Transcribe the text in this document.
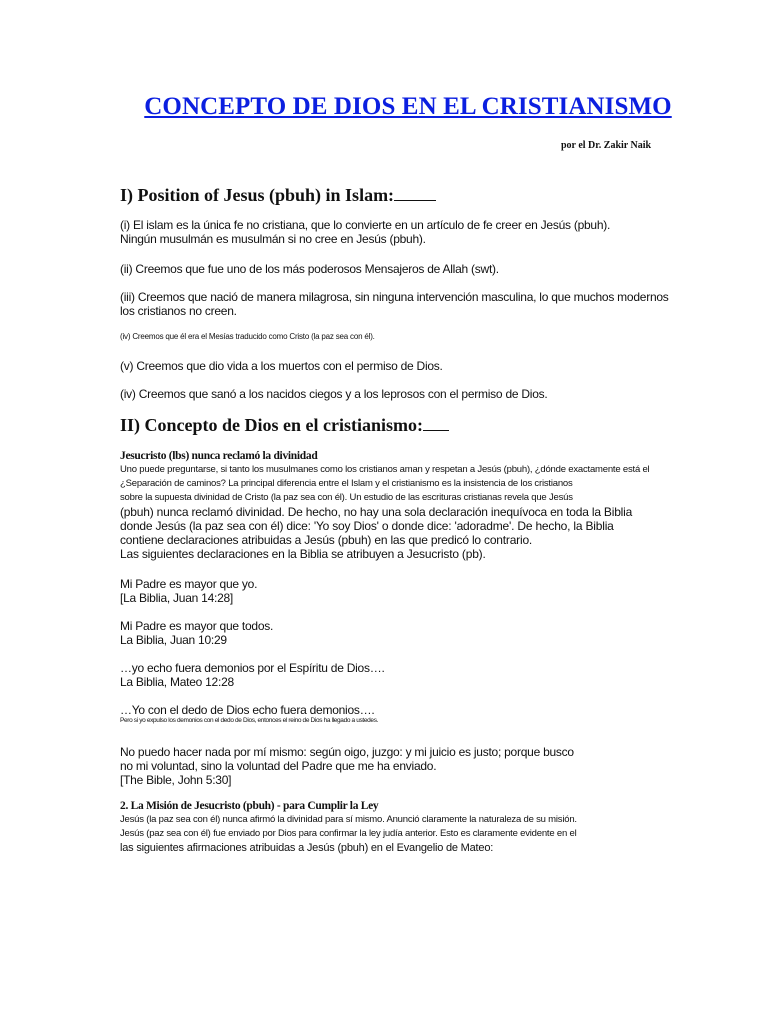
CONCEPTO DE DIOS EN EL CRISTIANISMO
por el Dr. Zakir Naik
I) Position of Jesus (pbuh) in Islam:
(i) El islam es la única fe no cristiana, que lo convierte en un artículo de fe creer en Jesús (pbuh).
Ningún musulmán es musulmán si no cree en Jesús (pbuh).
(ii) Creemos que fue uno de los más poderosos Mensajeros de Allah (swt).
(iii) Creemos que nació de manera milagrosa, sin ninguna intervención masculina, lo que muchos modernos
los cristianos no creen.
(iv) Creemos que él era el Mesías traducido como Cristo (la paz sea con él).
(v) Creemos que dio vida a los muertos con el permiso de Dios.
(iv) Creemos que sanó a los nacidos ciegos y a los leprosos con el permiso de Dios.
II) Concepto de Dios en el cristianismo:
Jesucristo (lbs) nunca reclamó la divinidad
Uno puede preguntarse, si tanto los musulmanes como los cristianos aman y respetan a Jesús (pbuh), ¿dónde exactamente está el
¿Separación de caminos? La principal diferencia entre el Islam y el cristianismo es la insistencia de los cristianos
sobre la supuesta divinidad de Cristo (la paz sea con él). Un estudio de las escrituras cristianas revela que Jesús
(pbuh) nunca reclamó divinidad. De hecho, no hay una sola declaración inequívoca en toda la Biblia
donde Jesús (la paz sea con él) dice: 'Yo soy Dios' o donde dice: 'adoradme'. De hecho, la Biblia
contiene declaraciones atribuidas a Jesús (pbuh) en las que predicó lo contrario.
Las siguientes declaraciones en la Biblia se atribuyen a Jesucristo (pb).
Mi Padre es mayor que yo.
[La Biblia, Juan 14:28]
Mi Padre es mayor que todos.
La Biblia, Juan 10:29
…yo echo fuera demonios por el Espíritu de Dios….
La Biblia, Mateo 12:28
…Yo con el dedo de Dios echo fuera demonios….
Pero si yo expulso los demonios con el dedo de Dios, entonces el reino de Dios ha llegado a ustedes.
No puedo hacer nada por mí mismo: según oigo, juzgo: y mi juicio es justo; porque busco
no mi voluntad, sino la voluntad del Padre que me ha enviado.
[The Bible, John 5:30]
2. La Misión de Jesucristo (pbuh) - para Cumplir la Ley
Jesús (la paz sea con él) nunca afirmó la divinidad para sí mismo. Anunció claramente la naturaleza de su misión.
Jesús (paz sea con él) fue enviado por Dios para confirmar la ley judía anterior. Esto es claramente evidente en el
las siguientes afirmaciones atribuidas a Jesús (pbuh) en el Evangelio de Mateo:
